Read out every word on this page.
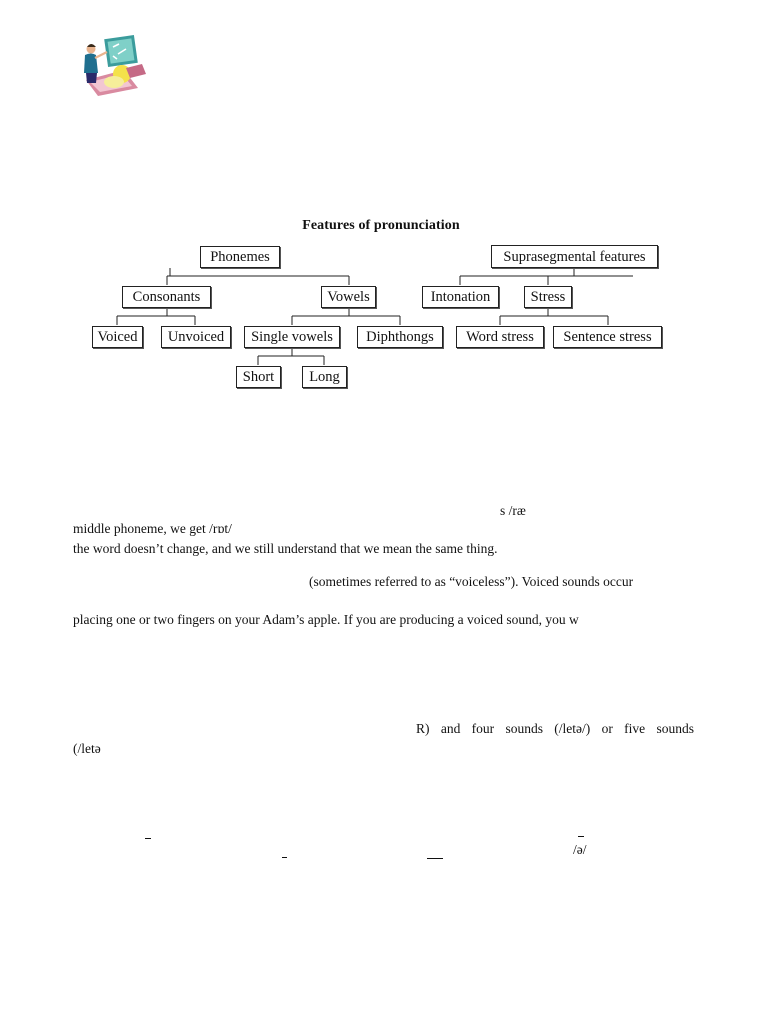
Features of pronunciation
Phonemes	Suprasegmental features
Consonants	Vowels	Intonation	Stress
Voiced	Unvoiced	Single vowels	Diphthongs	Word stress	Sentence stress
Short	Long
s /ræ
middle phoneme, we get /rɒt/
the word doesn’t change, and we still understand that we mean the same thing.
(sometimes referred to as “voiceless”). Voiced sounds occur
placing one or two fingers on your Adam’s apple. If you are producing a voiced sound, you w
R) and four sounds (/letə/) or five sounds
(/letə
/ə/
